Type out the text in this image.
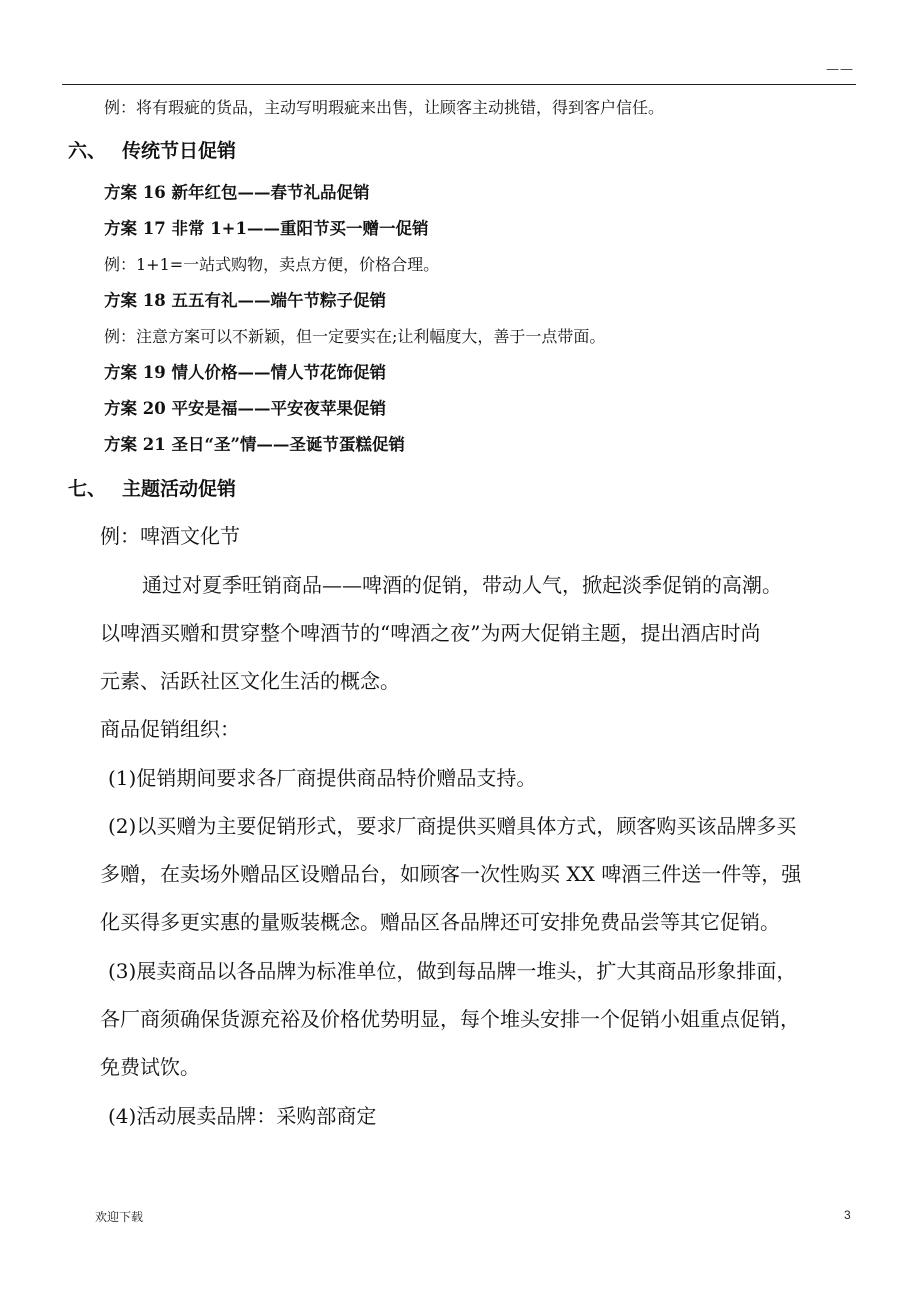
——
例：将有瑕疵的货品，主动写明瑕疵来出售，让顾客主动挑错，得到客户信任。
六、 传统节日促销
方案 16 新年红包——春节礼品促销
方案 17 非常 1+1——重阳节买一赠一促销
例：1+1=一站式购物，卖点方便，价格合理。
方案 18 五五有礼——端午节粽子促销
例：注意方案可以不新颖，但一定要实在;让利幅度大，善于一点带面。
方案 19 情人价格——情人节花饰促销
方案 20 平安是福——平安夜苹果促销
方案 21 圣日“圣”情——圣诞节蛋糕促销
七、 主题活动促销
例：啤酒文化节
通过对夏季旺销商品——啤酒的促销，带动人气，掀起淡季促销的高潮。
以啤酒买赠和贯穿整个啤酒节的“啤酒之夜”为两大促销主题，提出酒店时尚
元素、活跃社区文化生活的概念。
商品促销组织：
(1)促销期间要求各厂商提供商品特价赠品支持。
(2)以买赠为主要促销形式，要求厂商提供买赠具体方式，顾客购买该品牌多买
多赠，在卖场外赠品区设赠品台，如顾客一次性购买 XX 啤酒三件送一件等，强
化买得多更实惠的量贩装概念。赠品区各品牌还可安排免费品尝等其它促销。
(3)展卖商品以各品牌为标准单位，做到每品牌一堆头，扩大其商品形象排面，
各厂商须确保货源充裕及价格优势明显，每个堆头安排一个促销小姐重点促销，
免费试饮。
(4)活动展卖品牌：采购部商定
欢迎下载	3
